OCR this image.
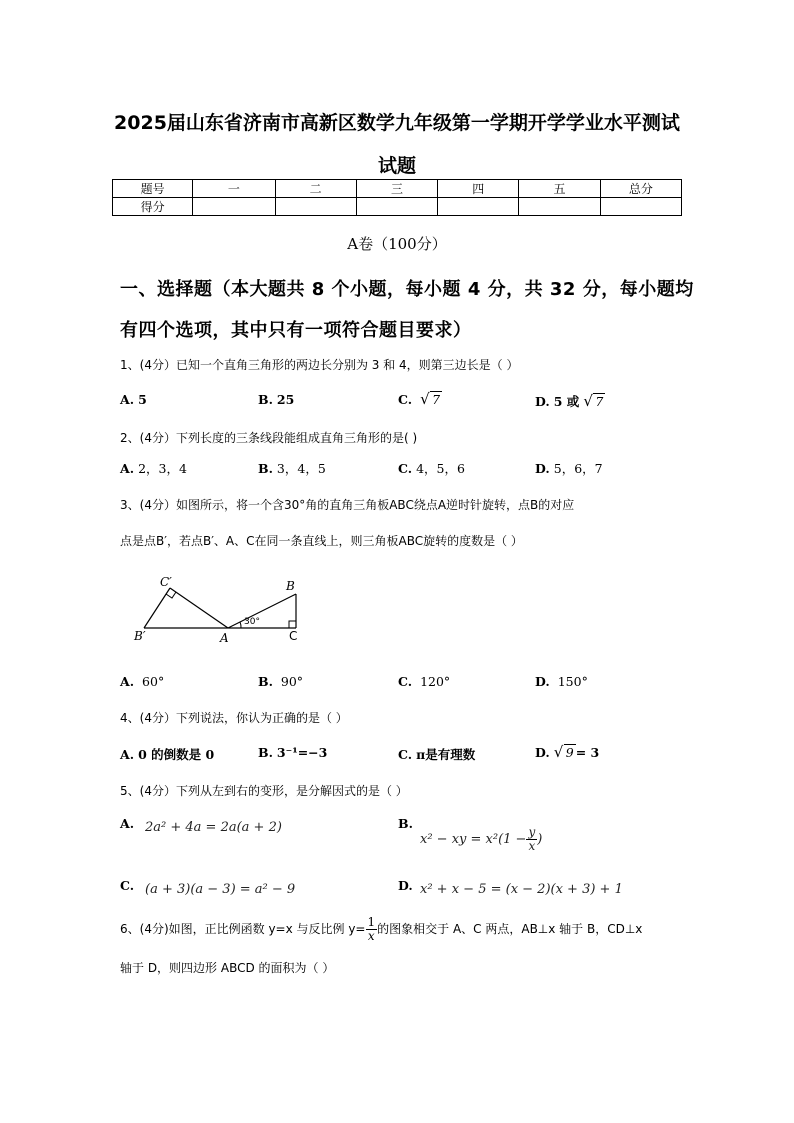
2025届山东省济南市高新区数学九年级第一学期开学学业水平测试
试题
题号	一	二	三	四	五	总分
得分						
A卷（100分）
一、选择题（本大题共 8 个小题，每小题 4 分，共 32 分，每小题均
有四个选项，其中只有一项符合题目要求）
1、(4分）已知一个直角三角形的两边长分别为 3 和 4，则第三边长是（ ）
A. 5	B. 25	C. √ 7	D. 5 或 √ 7
2、(4分）下列长度的三条线段能组成直角三角形的是( )
A. 2，3，4	B. 3，4，5	C. 4，5，6	D. 5，6，7
3、(4分）如图所示，将一个含30°角的直角三角板ABC绕点A逆时针旋转，点B的对应
点是点B′，若点B′、A、C在同一条直线上，则三角板ABC旋转的度数是（ ）
C′
B′	A
B
C
30°
A. 60°	B. 90°	C. 120°	D. 150°
4、(4分）下列说法，你认为正确的是（ ）
A. 0 的倒数是 0	B. 3⁻¹=−3	C. π是有理数	D. √ 9 = 3
5、(4分）下列从左到右的变形，是分解因式的是（ ）
A. 2a² + 4a = 2a(a + 2)	B.
x² − xy = $x^2(1 - \frac{y}{x}$ )
C. (a + 3)(a − 3) = a² − 9	D. x² + x − 5 = (x − 2)(x + 3) + 1
6、(4分)如图，正比例函数 y=x 与反比例 $y= \frac{1}{x}$ 的图象相交于 A、C 两点，AB⊥x 轴于 B，CD⊥x
轴于 D，则四边形 ABCD 的面积为（ ）
